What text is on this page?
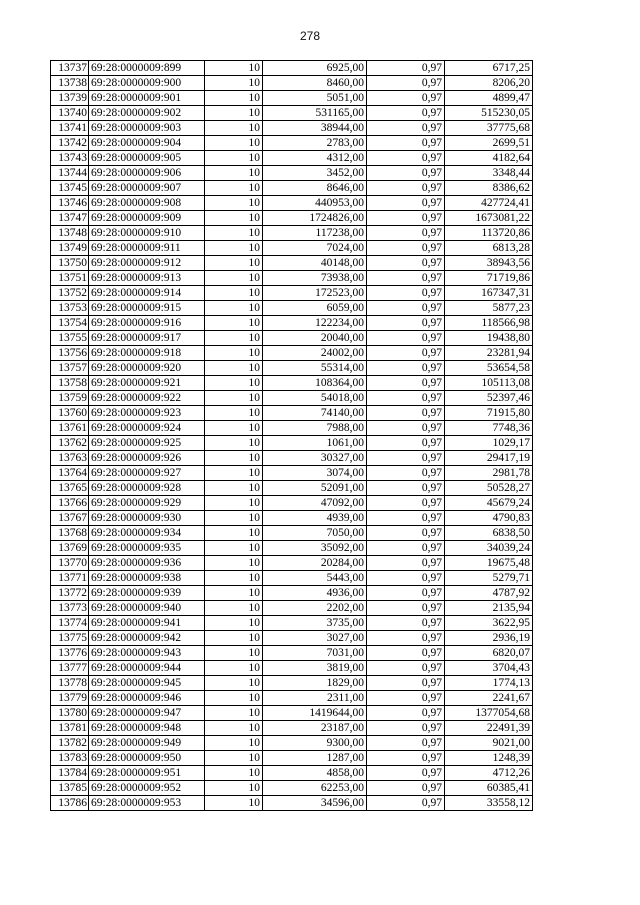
278
13737	69:28:0000009:899	10	6925,00	0,97	6717,25
13738	69:28:0000009:900	10	8460,00	0,97	8206,20
13739	69:28:0000009:901	10	5051,00	0,97	4899,47
13740	69:28:0000009:902	10	531165,00	0,97	515230,05
13741	69:28:0000009:903	10	38944,00	0,97	37775,68
13742	69:28:0000009:904	10	2783,00	0,97	2699,51
13743	69:28:0000009:905	10	4312,00	0,97	4182,64
13744	69:28:0000009:906	10	3452,00	0,97	3348,44
13745	69:28:0000009:907	10	8646,00	0,97	8386,62
13746	69:28:0000009:908	10	440953,00	0,97	427724,41
13747	69:28:0000009:909	10	1724826,00	0,97	1673081,22
13748	69:28:0000009:910	10	117238,00	0,97	113720,86
13749	69:28:0000009:911	10	7024,00	0,97	6813,28
13750	69:28:0000009:912	10	40148,00	0,97	38943,56
13751	69:28:0000009:913	10	73938,00	0,97	71719,86
13752	69:28:0000009:914	10	172523,00	0,97	167347,31
13753	69:28:0000009:915	10	6059,00	0,97	5877,23
13754	69:28:0000009:916	10	122234,00	0,97	118566,98
13755	69:28:0000009:917	10	20040,00	0,97	19438,80
13756	69:28:0000009:918	10	24002,00	0,97	23281,94
13757	69:28:0000009:920	10	55314,00	0,97	53654,58
13758	69:28:0000009:921	10	108364,00	0,97	105113,08
13759	69:28:0000009:922	10	54018,00	0,97	52397,46
13760	69:28:0000009:923	10	74140,00	0,97	71915,80
13761	69:28:0000009:924	10	7988,00	0,97	7748,36
13762	69:28:0000009:925	10	1061,00	0,97	1029,17
13763	69:28:0000009:926	10	30327,00	0,97	29417,19
13764	69:28:0000009:927	10	3074,00	0,97	2981,78
13765	69:28:0000009:928	10	52091,00	0,97	50528,27
13766	69:28:0000009:929	10	47092,00	0,97	45679,24
13767	69:28:0000009:930	10	4939,00	0,97	4790,83
13768	69:28:0000009:934	10	7050,00	0,97	6838,50
13769	69:28:0000009:935	10	35092,00	0,97	34039,24
13770	69:28:0000009:936	10	20284,00	0,97	19675,48
13771	69:28:0000009:938	10	5443,00	0,97	5279,71
13772	69:28:0000009:939	10	4936,00	0,97	4787,92
13773	69:28:0000009:940	10	2202,00	0,97	2135,94
13774	69:28:0000009:941	10	3735,00	0,97	3622,95
13775	69:28:0000009:942	10	3027,00	0,97	2936,19
13776	69:28:0000009:943	10	7031,00	0,97	6820,07
13777	69:28:0000009:944	10	3819,00	0,97	3704,43
13778	69:28:0000009:945	10	1829,00	0,97	1774,13
13779	69:28:0000009:946	10	2311,00	0,97	2241,67
13780	69:28:0000009:947	10	1419644,00	0,97	1377054,68
13781	69:28:0000009:948	10	23187,00	0,97	22491,39
13782	69:28:0000009:949	10	9300,00	0,97	9021,00
13783	69:28:0000009:950	10	1287,00	0,97	1248,39
13784	69:28:0000009:951	10	4858,00	0,97	4712,26
13785	69:28:0000009:952	10	62253,00	0,97	60385,41
13786	69:28:0000009:953	10	34596,00	0,97	33558,12
